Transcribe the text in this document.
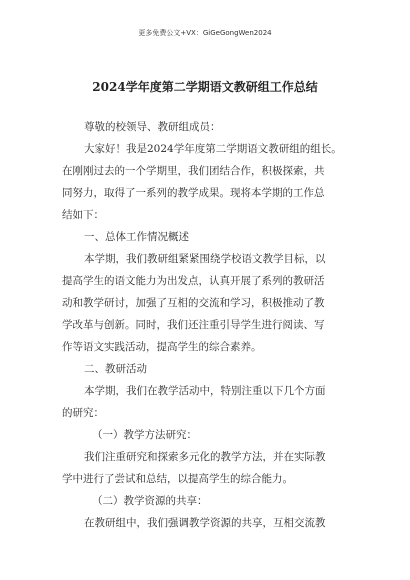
更多免费公文+VX：GiGeGongWen2024
2024学年度第二学期语文教研组工作总结
尊敬的校领导、教研组成员：
大家好！我是2024学年度第二学期语文教研组的组长。
在刚刚过去的一个学期里，我们团结合作，积极探索，共
同努力，取得了一系列的教学成果。现将本学期的工作总
结如下：
一、总体工作情况概述
本学期，我们教研组紧紧围绕学校语文教学目标，以
提高学生的语文能力为出发点，认真开展了系列的教研活
动和教学研讨，加强了互相的交流和学习，积极推动了教
学改革与创新。同时，我们还注重引导学生进行阅读、写
作等语文实践活动，提高学生的综合素养。
二、教研活动
本学期，我们在教学活动中，特别注重以下几个方面
的研究：
（一）教学方法研究：
我们注重研究和探索多元化的教学方法，并在实际教
学中进行了尝试和总结，以提高学生的综合能力。
（二）教学资源的共享：
在教研组中，我们强调教学资源的共享，互相交流教
